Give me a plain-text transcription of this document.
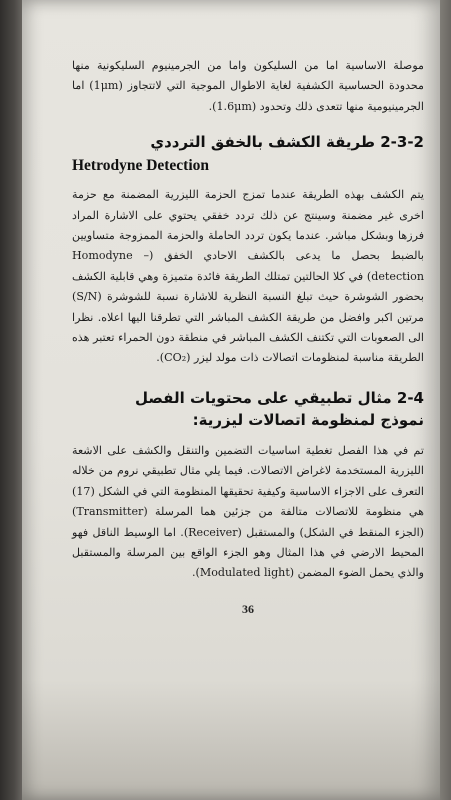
موصلة الاساسية اما من السليكون واما من الجرمينيوم السليكونية منها محدودة الحساسية الكشفية لغاية الاطوال الموجية التي لاتتجاوز (1μm) اما الجرمينيومية منها تتعدى ذلك وتحدود (1.6μm).

2-3-2 طريقة الكشف بالخفق الترددي
Hetrodyne Detection

يتم الكشف بهذه الطريقة عندما تمزج الحزمة الليزرية المضمنة مع حزمة اخرى غير مضمنة وسينتج عن ذلك تردد خفقي يحتوي على الاشارة المراد فرزها وبشكل مباشر. عندما يكون تردد الحاملة والحزمة الممزوجة متساويين بالضبط بحصل ما يدعى بالكشف الاحادي الخفق (Homodyne – detection) في كلا الحالتين تمتلك الطريقة فائدة متميزة وهي قابلية الكشف بحضور الشوشرة حيث تبلغ النسبة النظرية للاشارة نسبة للشوشرة (S/N) مرتين اكبر وافضل من طريقة الكشف المباشر التي تطرقنا اليها اعلاه. نظرا الى الصعوبات التي تكتنف الكشف المباشر في منطقة دون الحمراء تعتبر هذه الطريقة مناسبة لمنظومات اتصالات ذات مولد ليزر (CO₂).

2-4 مثال تطبيقي على محتويات الفصل
نموذج لمنظومة اتصالات ليزرية:

تم في هذا الفصل تغطية اساسيات التضمين والتنقل والكشف على الاشعة الليزرية المستخدمة لاغراض الاتصالات. فيما يلي مثال تطبيقي نروم من خلاله التعرف على الاجزاء الاساسية وكيفية تحقيقها المنظومة التي في الشكل (17) هي منظومة للاتصالات متالفة من جزئين هما المرسلة (Transmitter) (الجزء المنقط في الشكل) والمستقبل (Receiver). اما الوسيط الناقل فهو المحيط الارضي في هذا المثال وهو الجزء الواقع بين المرسلة والمستقبل والذي يحمل الضوء المضمن (Modulated light).

36
